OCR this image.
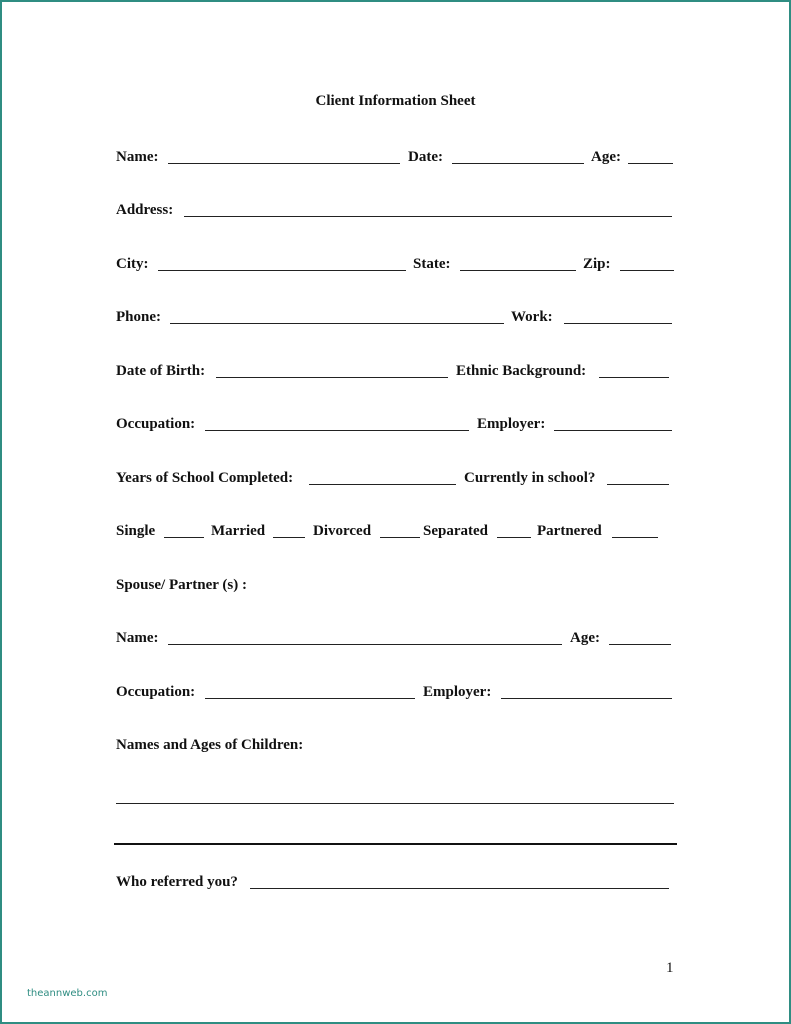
Client Information Sheet
Name:	Date:	Age:
Address:
City:	State:	Zip:
Phone:	Work:
Date of Birth:	Ethnic Background:
Occupation:	Employer:
Years of School Completed:	Currently in school?
Single	Married	Divorced	Separated	Partnered
Spouse/ Partner (s) :
Name:	Age:
Occupation:	Employer:
Names and Ages of Children:
Who referred you?
1
theannweb.com
